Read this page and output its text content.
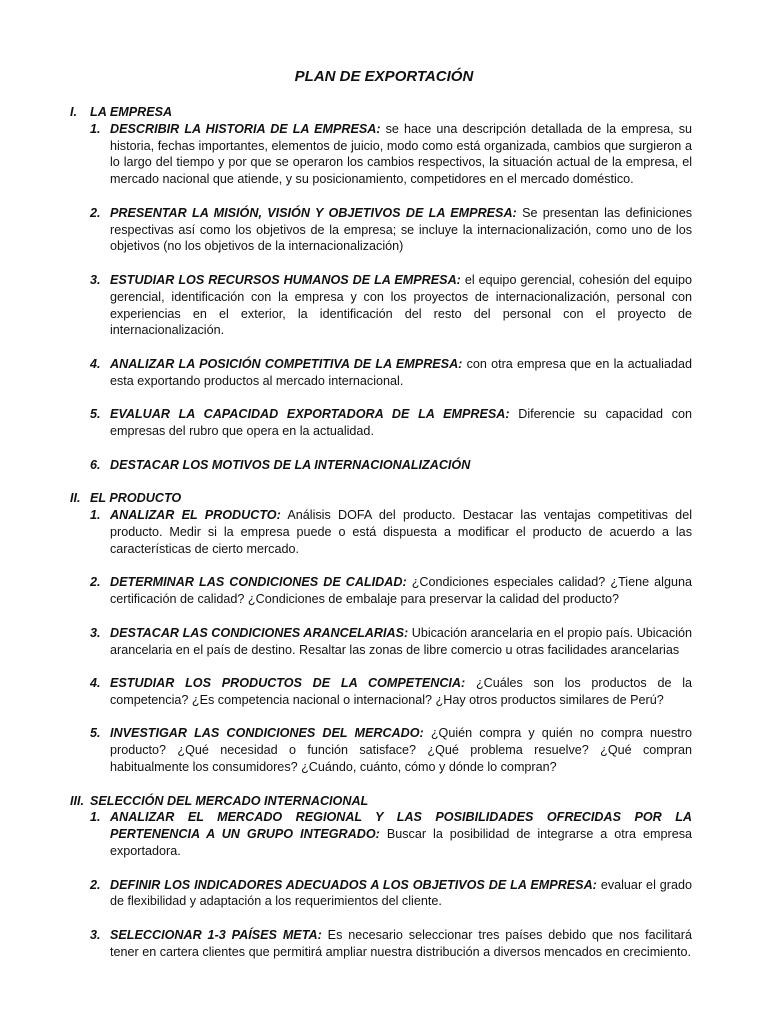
PLAN DE EXPORTACIÓN
I.	LA EMPRESA
1. DESCRIBIR LA HISTORIA DE LA EMPRESA: se hace una descripción detallada de la empresa, su historia, fechas importantes, elementos de juicio, modo como está organizada, cambios que surgieron a lo largo del tiempo y por que se operaron los cambios respectivos, la situación actual de la empresa, el mercado nacional que atiende, y su posicionamiento, competidores en el mercado doméstico.
2. PRESENTAR LA MISIÓN, VISIÓN Y OBJETIVOS DE LA EMPRESA: Se presentan las definiciones respectivas así como los objetivos de la empresa; se incluye la internacionalización, como uno de los objetivos (no los objetivos de la internacionalización)
3. ESTUDIAR LOS RECURSOS HUMANOS DE LA EMPRESA: el equipo gerencial, cohesión del equipo gerencial, identificación con la empresa y con los proyectos de internacionalización, personal con experiencias en el exterior, la identificación del resto del personal con el proyecto de internacionalización.
4. ANALIZAR LA POSICIÓN COMPETITIVA DE LA EMPRESA: con otra empresa que en la actualiadad esta exportando productos al mercado internacional.
5. EVALUAR LA CAPACIDAD EXPORTADORA DE LA EMPRESA: Diferencie su capacidad con empresas del rubro que opera en la actualidad.
6. DESTACAR LOS MOTIVOS DE LA INTERNACIONALIZACIÓN
II. EL PRODUCTO
1. ANALIZAR EL PRODUCTO: Análisis DOFA del producto. Destacar las ventajas competitivas del producto. Medir si la empresa puede o está dispuesta a modificar el producto de acuerdo a las características de cierto mercado.
2. DETERMINAR LAS CONDICIONES DE CALIDAD: ¿Condiciones especiales calidad? ¿Tiene alguna certificación de calidad? ¿Condiciones de embalaje para preservar la calidad del producto?
3. DESTACAR LAS CONDICIONES ARANCELARIAS: Ubicación arancelaria en el propio país. Ubicación arancelaria en el país de destino. Resaltar las zonas de libre comercio u otras facilidades arancelarias
4. ESTUDIAR LOS PRODUCTOS DE LA COMPETENCIA: ¿Cuáles son los productos de la competencia? ¿Es competencia nacional o internacional? ¿Hay otros productos similares de Perú?
5. INVESTIGAR LAS CONDICIONES DEL MERCADO: ¿Quién compra y quién no compra nuestro producto? ¿Qué necesidad o función satisface? ¿Qué problema resuelve? ¿Qué compran habitualmente los consumidores? ¿Cuándo, cuánto, cómo y dónde lo compran?
III. SELECCIÓN DEL MERCADO INTERNACIONAL
1. ANALIZAR EL MERCADO REGIONAL Y LAS POSIBILIDADES OFRECIDAS POR LA PERTENENCIA A UN GRUPO INTEGRADO: Buscar la posibilidad de integrarse a otra empresa exportadora.
2. DEFINIR LOS INDICADORES ADECUADOS A LOS OBJETIVOS DE LA EMPRESA: evaluar el grado de flexibilidad y adaptación a los requerimientos del cliente.
3. SELECCIONAR 1-3 PAÍSES META: Es necesario seleccionar tres países debido que nos facilitará tener en cartera clientes que permitirá ampliar nuestra distribución a diversos mencados en crecimiento.
